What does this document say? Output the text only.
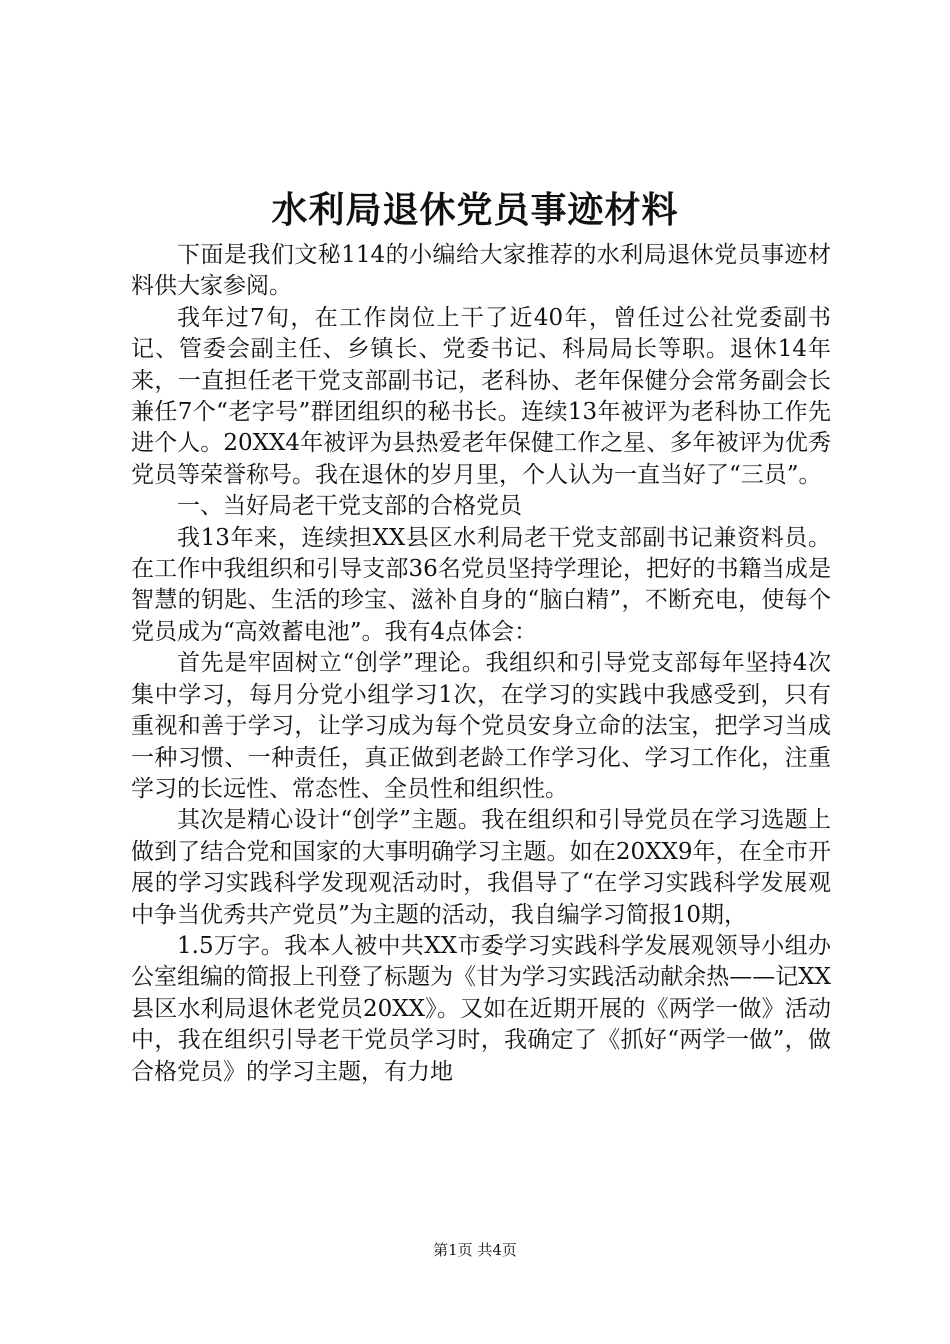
水利局退休党员事迹材料

下面是我们文秘114的小编给大家推荐的水利局退休党员事迹材料供大家参阅。

我年过7旬，在工作岗位上干了近40年，曾任过公社党委副书记、管委会副主任、乡镇长、党委书记、科局局长等职。退休14年来，一直担任老干党支部副书记，老科协、老年保健分会常务副会长兼任7个“老字号”群团组织的秘书长。连续13年被评为老科协工作先进个人。20XX4年被评为县热爱老年保健工作之星、多年被评为优秀党员等荣誉称号。我在退休的岁月里，个人认为一直当好了“三员”。

一、当好局老干党支部的合格党员

我13年来，连续担XX县区水利局老干党支部副书记兼资料员。在工作中我组织和引导支部36名党员坚持学理论，把好的书籍当成是智慧的钥匙、生活的珍宝、滋补自身的“脑白精”，不断充电，使每个党员成为“高效蓄电池”。我有4点体会：

首先是牢固树立“创学”理论。我组织和引导党支部每年坚持4次集中学习，每月分党小组学习1次，在学习的实践中我感受到，只有重视和善于学习，让学习成为每个党员安身立命的法宝，把学习当成一种习惯、一种责任，真正做到老龄工作学习化、学习工作化，注重学习的长远性、常态性、全员性和组织性。

其次是精心设计“创学”主题。我在组织和引导党员在学习选题上做到了结合党和国家的大事明确学习主题。如在20XX9年，在全市开展的学习实践科学发现观活动时，我倡导了“在学习实践科学发展观中争当优秀共产党员”为主题的活动，我自编学习简报10期，

1.5万字。我本人被中共XX市委学习实践科学发展观领导小组办公室组编的简报上刊登了标题为《甘为学习实践活动献余热——记XX县区水利局退休老党员20XX》。又如在近期开展的《两学一做》活动中，我在组织引导老干党员学习时，我确定了《抓好“两学一做”，做合格党员》的学习主题，有力地

第1页 共4页
